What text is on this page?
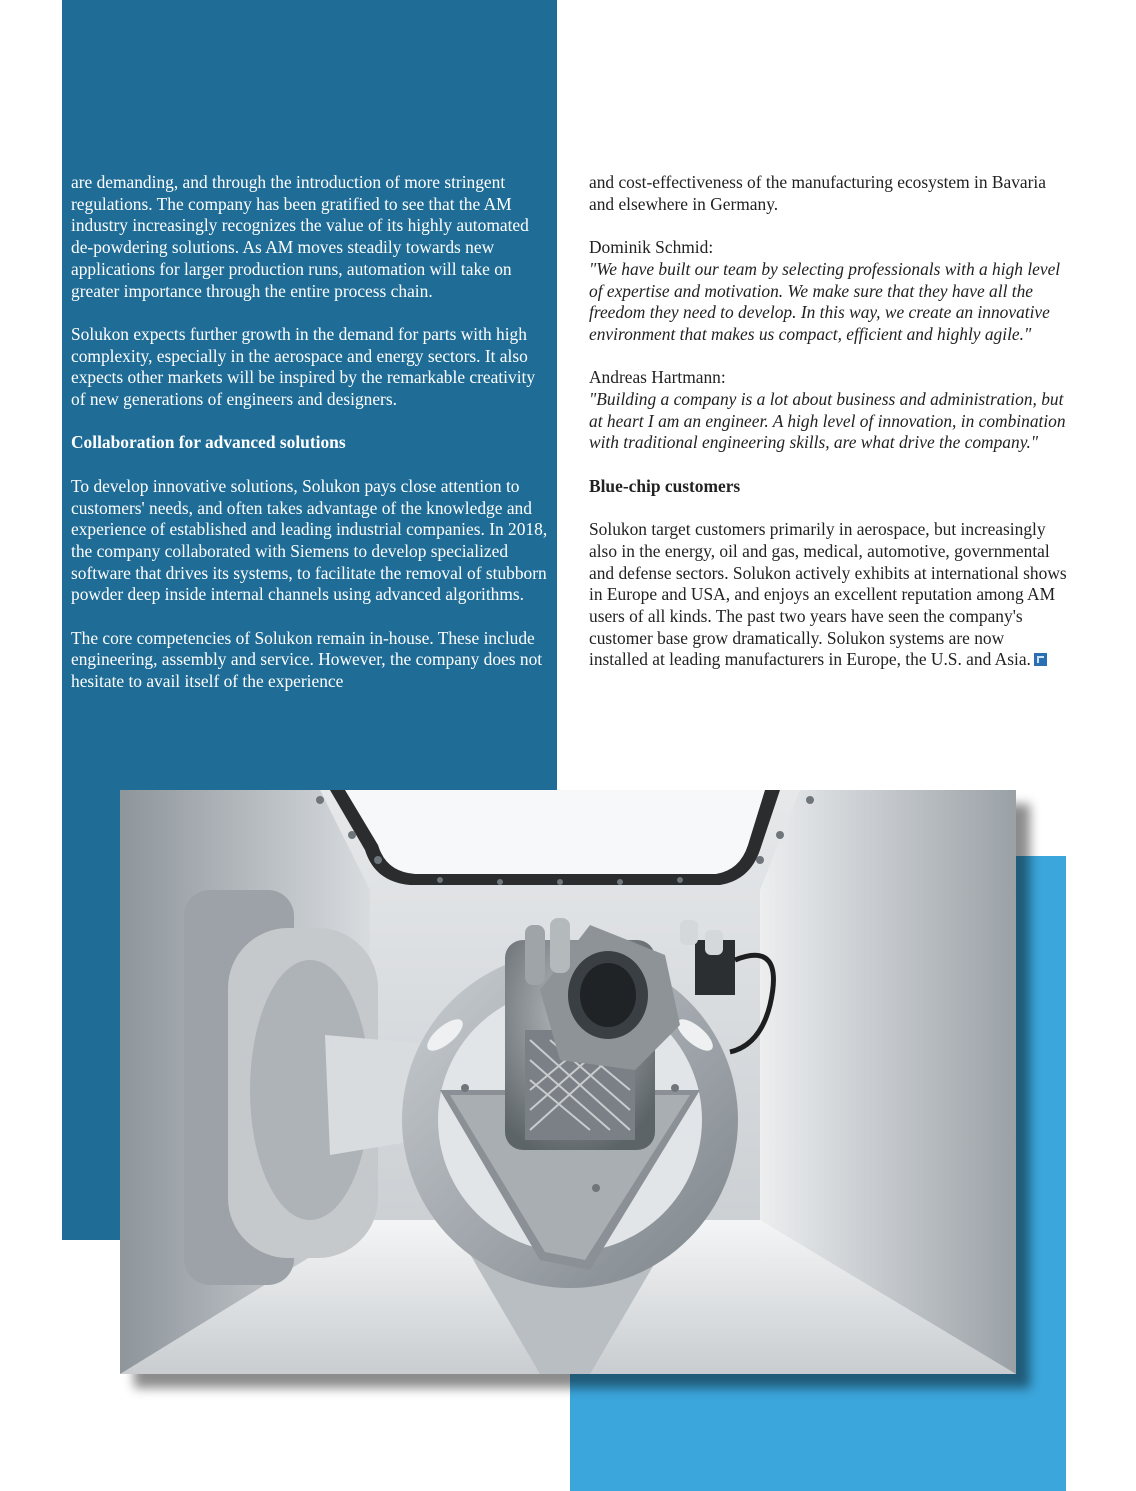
are demanding, and through the introduction of more stringent regulations. The company has been gratified to see that the AM industry increasingly recognizes the value of its highly automated de-powdering solutions. As AM moves steadily towards new applications for larger production runs, automation will take on greater importance through the entire process chain.

Solukon expects further growth in the demand for parts with high complexity, especially in the aerospace and energy sectors. It also expects other markets will be inspired by the remarkable creativity of new generations of engineers and designers.

Collaboration for advanced solutions

To develop innovative solutions, Solukon pays close attention to customers' needs, and often takes advantage of the knowledge and experience of established and leading industrial companies. In 2018, the company collaborated with Siemens to develop specialized software that drives its systems, to facilitate the removal of stubborn powder deep inside internal channels using advanced algorithms.

The core competencies of Solukon remain in-house. These include engineering, assembly and service. However, the company does not hesitate to avail itself of the experience

and cost-effectiveness of the manufacturing ecosystem in Bavaria and elsewhere in Germany.

Dominik Schmid:

"We have built our team by selecting professionals with a high level of expertise and motivation. We make sure that they have all the freedom they need to develop. In this way, we create an innovative environment that makes us compact, efficient and highly agile."

Andreas Hartmann:

"Building a company is a lot about business and administration, but at heart I am an engineer. A high level of innovation, in combination with traditional engineering skills, are what drive the company."

Blue-chip customers

Solukon target customers primarily in aerospace, but increasingly also in the energy, oil and gas, medical, automotive, governmental and defense sectors. Solukon actively exhibits at international shows in Europe and USA, and enjoys an excellent reputation among AM users of all kinds. The past two years have seen the company's customer base grow dramatically. Solukon systems are now installed at leading manufacturers in Europe, the U.S. and Asia.
